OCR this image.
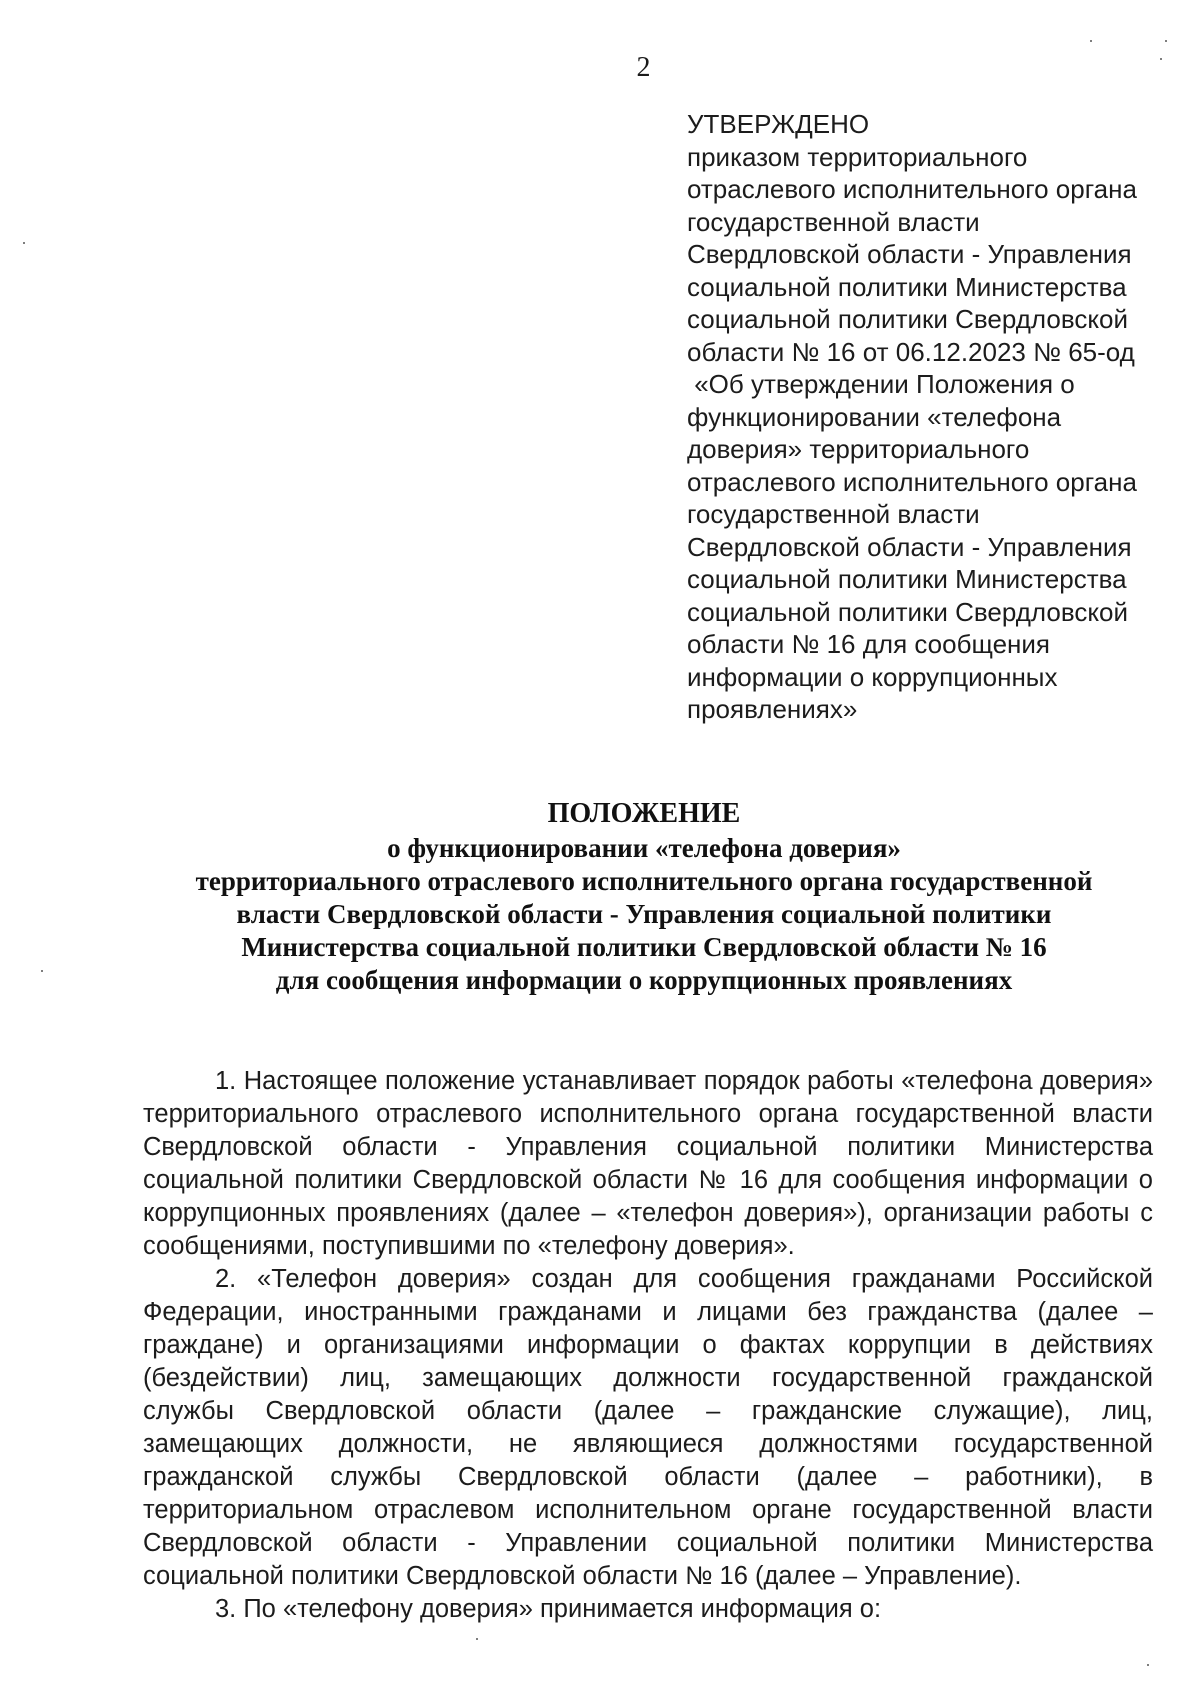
2
УТВЕРЖДЕНО
приказом территориального
отраслевого исполнительного органа
государственной власти
Свердловской области - Управления
социальной политики Министерства
социальной политики Свердловской
области № 16 от 06.12.2023 № 65-од
«Об утверждении Положения о
функционировании «телефона
доверия» территориального
отраслевого исполнительного органа
государственной власти
Свердловской области - Управления
социальной политики Министерства
социальной политики Свердловской
области № 16 для сообщения
информации о коррупционных
проявлениях»
ПОЛОЖЕНИЕ
о функционировании «телефона доверия»
территориального отраслевого исполнительного органа государственной
власти Свердловской области - Управления социальной политики
Министерства социальной политики Свердловской области № 16
для сообщения информации о коррупционных проявлениях
1. Настоящее положение устанавливает порядок работы «телефона доверия»
территориального отраслевого исполнительного органа государственной власти
Свердловской области - Управления социальной политики Министерства
социальной политики Свердловской области № 16 для сообщения информации о
коррупционных проявлениях (далее – «телефон доверия»), организации работы с
сообщениями, поступившими по «телефону доверия».
2. «Телефон доверия» создан для сообщения гражданами Российской
Федерации, иностранными гражданами и лицами без гражданства (далее –
граждане) и организациями информации о фактах коррупции в действиях
(бездействии) лиц, замещающих должности государственной гражданской
службы Свердловской области (далее – гражданские служащие), лиц,
замещающих должности, не являющиеся должностями государственной
гражданской службы Свердловской области (далее – работники), в
территориальном отраслевом исполнительном органе государственной власти
Свердловской области - Управлении социальной политики Министерства
социальной политики Свердловской области № 16 (далее – Управление).
3. По «телефону доверия» принимается информация о:
